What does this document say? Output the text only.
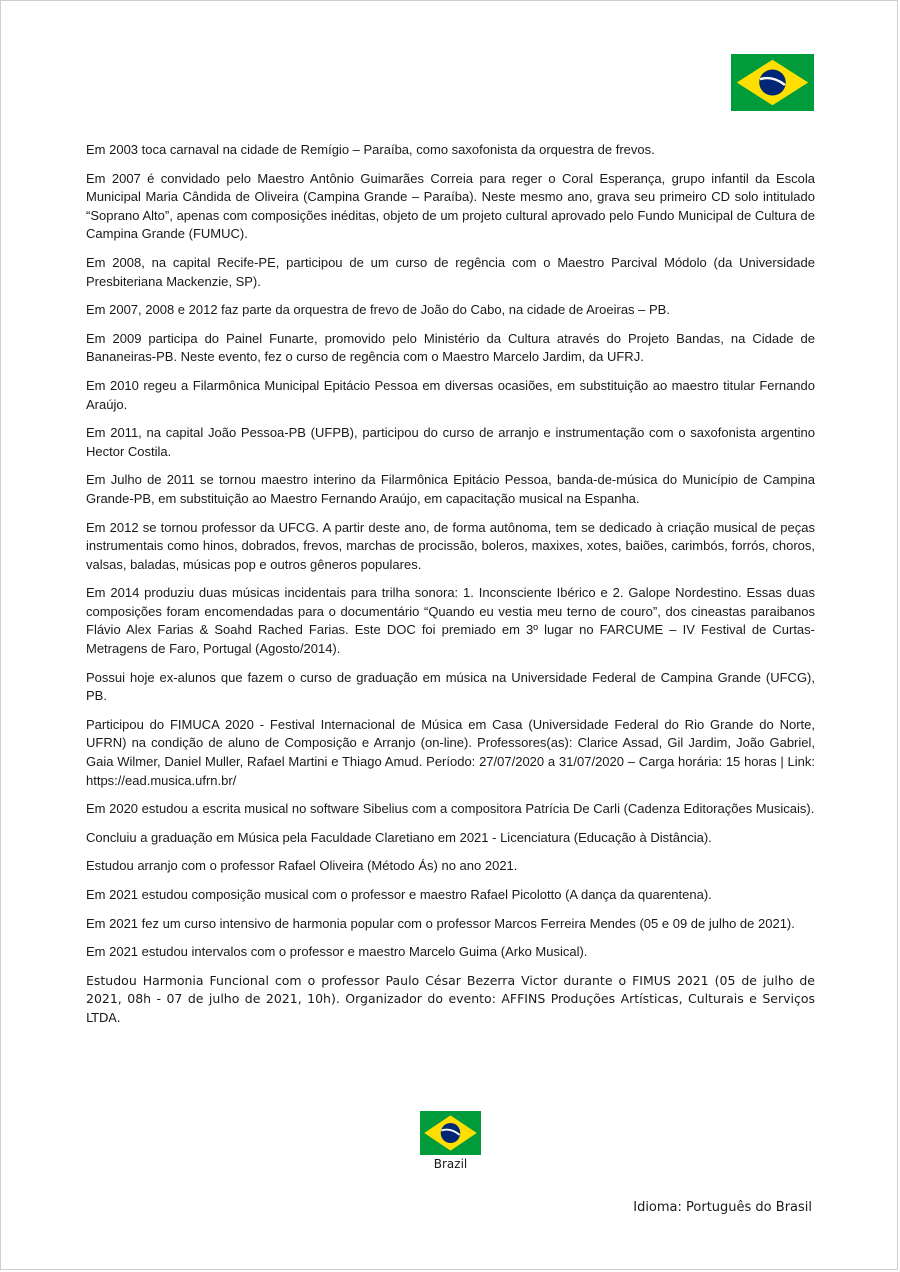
Em 2003 toca carnaval na cidade de Remígio – Paraíba, como saxofonista da orquestra de frevos.

Em 2007 é convidado pelo Maestro Antônio Guimarães Correia para reger o Coral Esperança, grupo infantil da Escola Municipal Maria Cândida de Oliveira (Campina Grande – Paraíba). Neste mesmo ano, grava seu primeiro CD solo intitulado “Soprano Alto”, apenas com composições inéditas, objeto de um projeto cultural aprovado pelo Fundo Municipal de Cultura de Campina Grande (FUMUC).

Em 2008, na capital Recife-PE, participou de um curso de regência com o Maestro Parcival Módolo (da Universidade Presbiteriana Mackenzie, SP).

Em 2007, 2008 e 2012 faz parte da orquestra de frevo de João do Cabo, na cidade de Aroeiras – PB.

Em 2009 participa do Painel Funarte, promovido pelo Ministério da Cultura através do Projeto Bandas, na Cidade de Bananeiras-PB. Neste evento, fez o curso de regência com o Maestro Marcelo Jardim, da UFRJ.

Em 2010 regeu a Filarmônica Municipal Epitácio Pessoa em diversas ocasiões, em substituição ao maestro titular Fernando Araújo.

Em 2011, na capital João Pessoa-PB (UFPB), participou do curso de arranjo e instrumentação com o saxofonista argentino Hector Costila.

Em Julho de 2011 se tornou maestro interino da Filarmônica Epitácio Pessoa, banda-de-música do Município de Campina Grande-PB, em substituição ao Maestro Fernando Araújo, em capacitação musical na Espanha.

Em 2012 se tornou professor da UFCG. A partir deste ano, de forma autônoma, tem se dedicado à criação musical de peças instrumentais como hinos, dobrados, frevos, marchas de procissão, boleros, maxixes, xotes, baiões, carimbós, forrós, choros, valsas, baladas, músicas pop e outros gêneros populares.

Em 2014 produziu duas músicas incidentais para trilha sonora: 1. Inconsciente Ibérico e 2. Galope Nordestino. Essas duas composições foram encomendadas para o documentário “Quando eu vestia meu terno de couro”, dos cineastas paraibanos Flávio Alex Farias & Soahd Rached Farias. Este DOC foi premiado em 3º lugar no FARCUME – IV Festival de Curtas-Metragens de Faro, Portugal (Agosto/2014).

Possui hoje ex-alunos que fazem o curso de graduação em música na Universidade Federal de Campina Grande (UFCG), PB.

Participou do FIMUCA 2020 - Festival Internacional de Música em Casa (Universidade Federal do Rio Grande do Norte, UFRN) na condição de aluno de Composição e Arranjo (on-line). Professores(as): Clarice Assad, Gil Jardim, João Gabriel, Gaia Wilmer, Daniel Muller, Rafael Martini e Thiago Amud. Período: 27/07/2020 a 31/07/2020 – Carga horária: 15 horas | Link: https://ead.musica.ufrn.br/

Em 2020 estudou a escrita musical no software Sibelius com a compositora Patrícia De Carli (Cadenza Editorações Musicais).

Concluiu a graduação em Música pela Faculdade Claretiano em 2021 - Licenciatura (Educação à Distância).

Estudou arranjo com o professor Rafael Oliveira (Método Ás) no ano 2021.

Em 2021 estudou composição musical com o professor e maestro Rafael Picolotto (A dança da quarentena).

Em 2021 fez um curso intensivo de harmonia popular com o professor Marcos Ferreira Mendes (05 e 09 de julho de 2021).

Em 2021 estudou intervalos com o professor e maestro Marcelo Guima (Arko Musical).

Estudou Harmonia Funcional com o professor Paulo César Bezerra Victor durante o FIMUS 2021 (05 de julho de 2021, 08h - 07 de julho de 2021, 10h). Organizador do evento: AFFINS Produções Artísticas, Culturais e Serviços LTDA.

Brazil
Idioma: Português do Brasil
